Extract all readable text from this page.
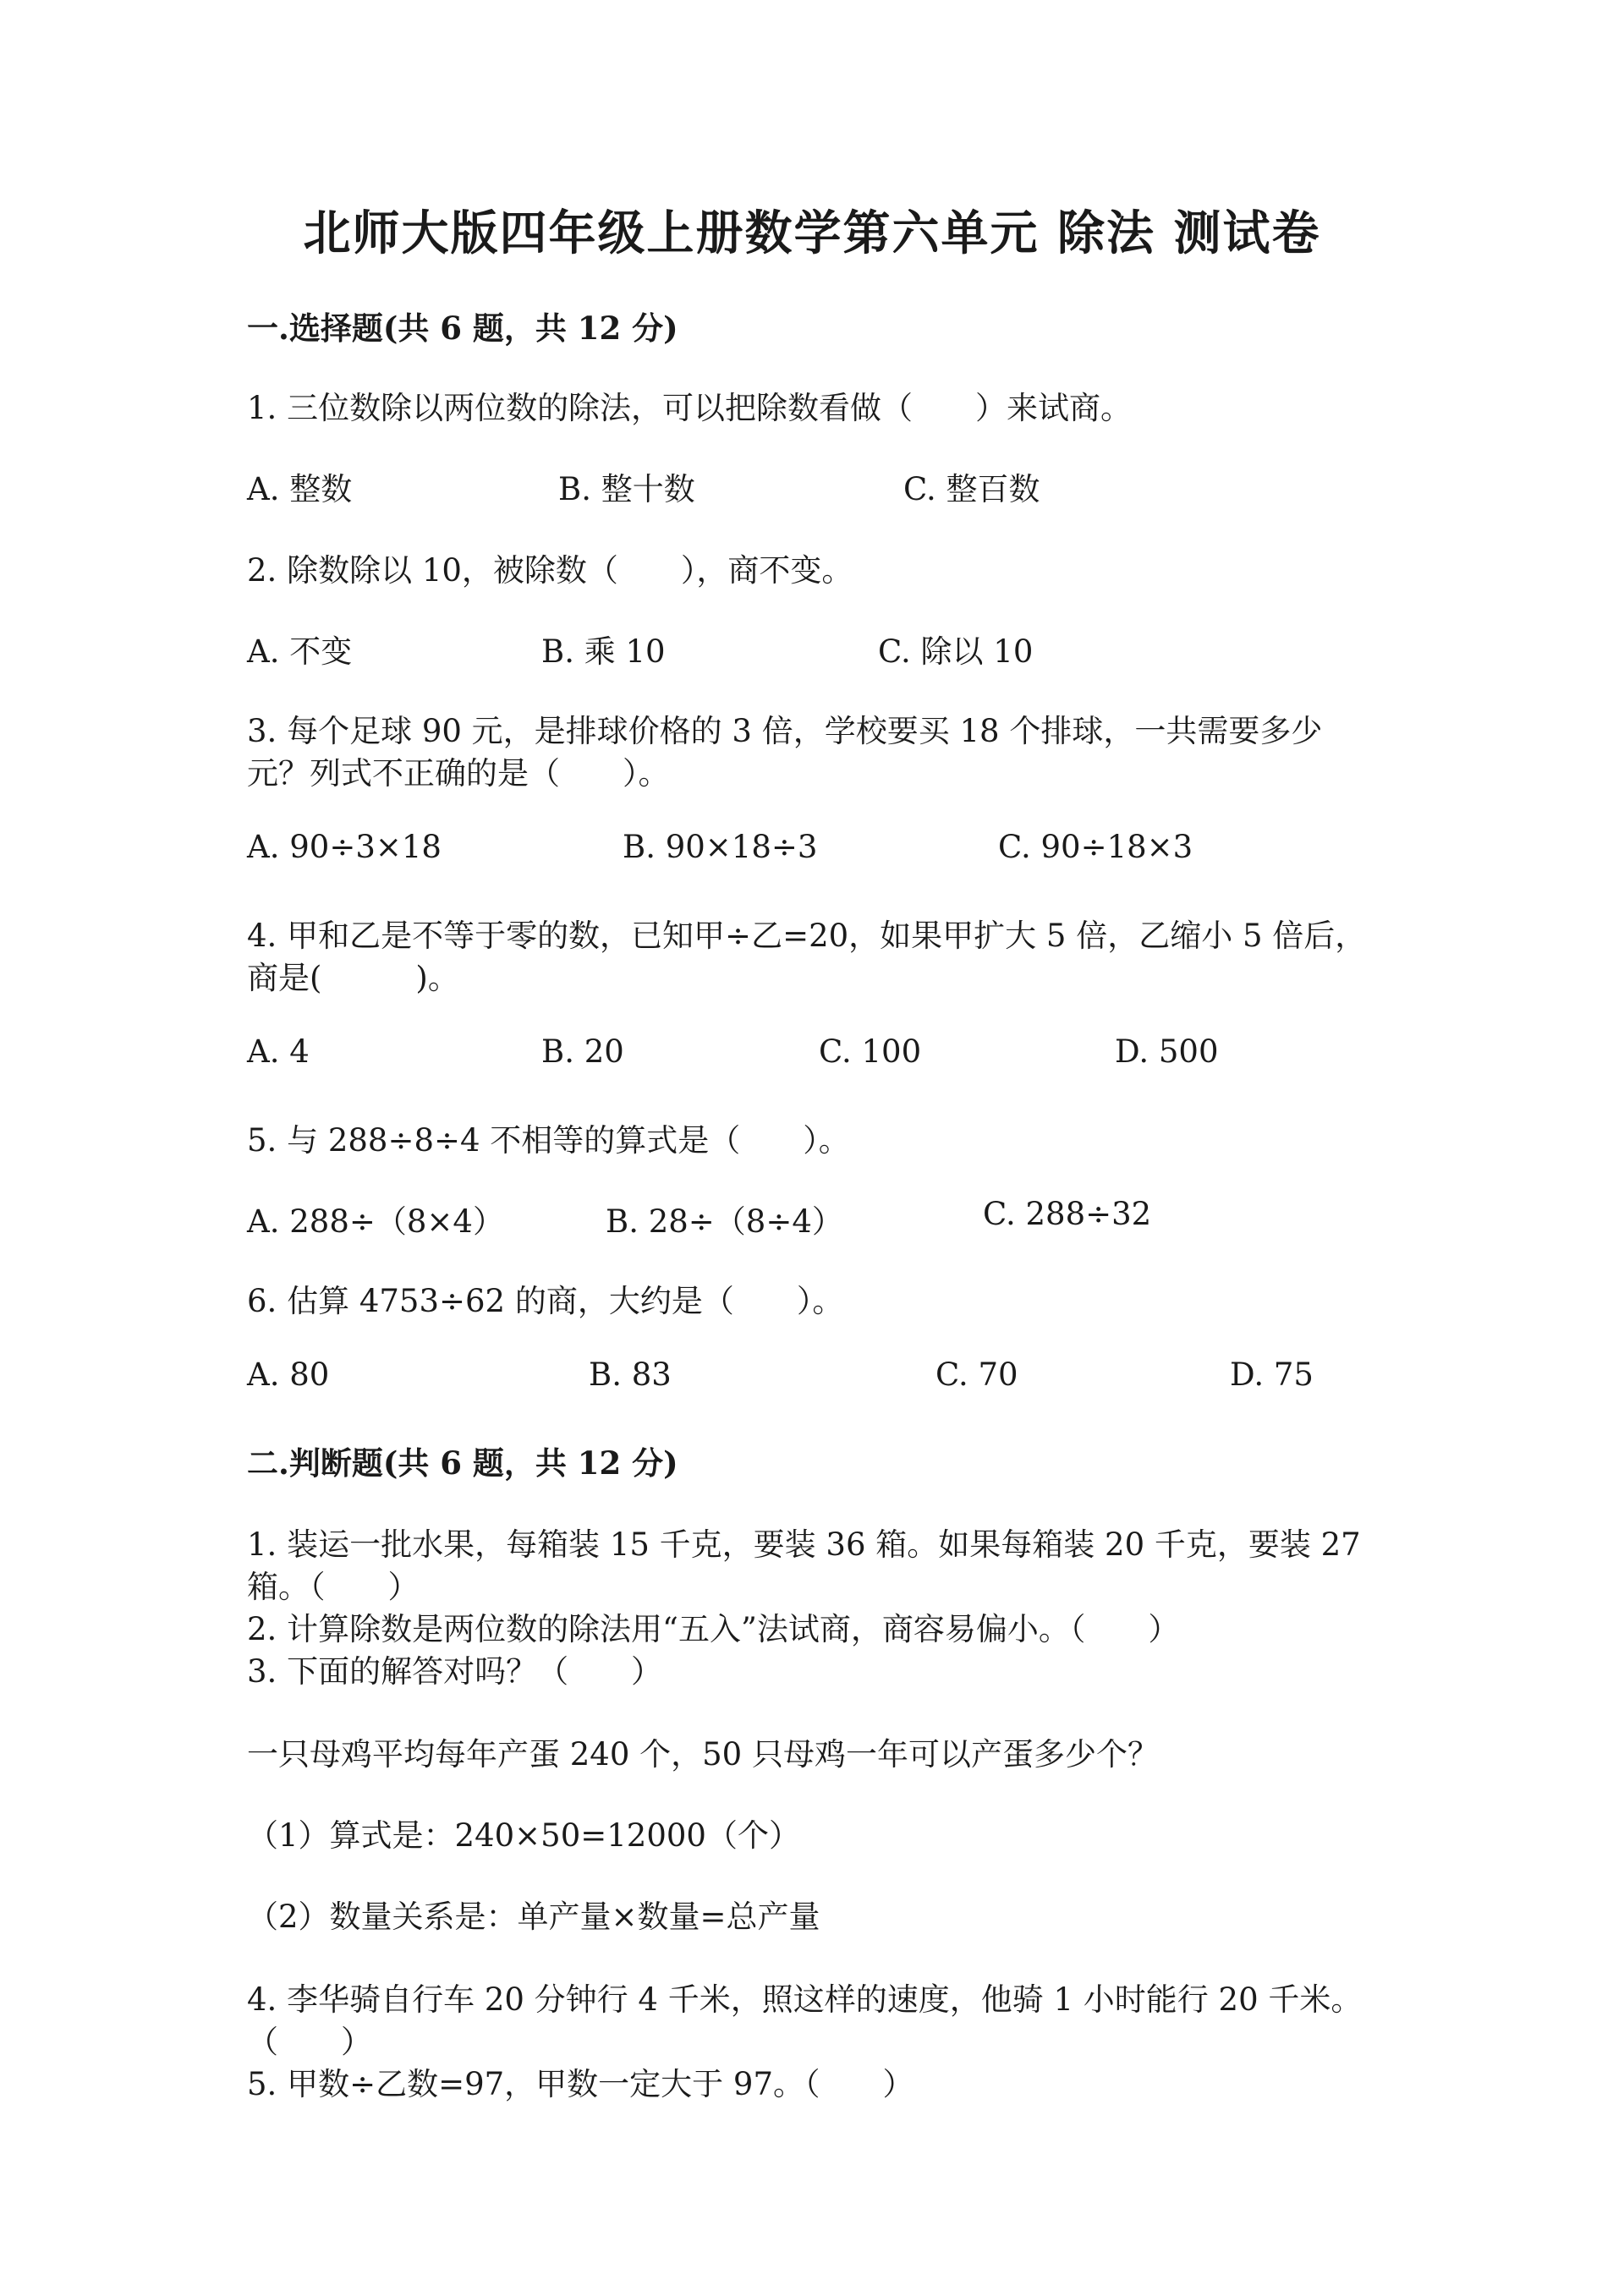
北师大版四年级上册数学第六单元 除法 测试卷
一.选择题(共 6 题，共 12 分)
1. 三位数除以两位数的除法，可以把除数看做（　　）来试商。
A. 整数	B. 整十数	C. 整百数
2. 除数除以 10，被除数（　　），商不变。
A. 不变	B. 乘 10	C. 除以 10
3. 每个足球 90 元，是排球价格的 3 倍，学校要买 18 个排球，一共需要多少
元？列式不正确的是（　　）。
A. 90÷3×18	B. 90×18÷3	C. 90÷18×3
4. 甲和乙是不等于零的数，已知甲÷乙=20，如果甲扩大 5 倍，乙缩小 5 倍后，
商是(　　　)。
A. 4	B. 20	C. 100	D. 500
5. 与 288÷8÷4 不相等的算式是（　　）。
A. 288÷（8×4）	B. 28÷（8÷4）	C. 288÷32
6. 估算 4753÷62 的商，大约是（　　）。
A. 80	B. 83	C. 70	D. 75
二.判断题(共 6 题，共 12 分)
1. 装运一批水果，每箱装 15 千克，要装 36 箱。如果每箱装 20 千克，要装 27
箱。（　　）
2. 计算除数是两位数的除法用“五入”法试商，商容易偏小。（　　）
3. 下面的解答对吗？（　　）
一只母鸡平均每年产蛋 240 个，50 只母鸡一年可以产蛋多少个？
（1）算式是：240×50=12000（个）
（2）数量关系是：单产量×数量=总产量
4. 李华骑自行车 20 分钟行 4 千米，照这样的速度，他骑 1 小时能行 20 千米。
（　　）
5. 甲数÷乙数=97，甲数一定大于 97。（　　）
